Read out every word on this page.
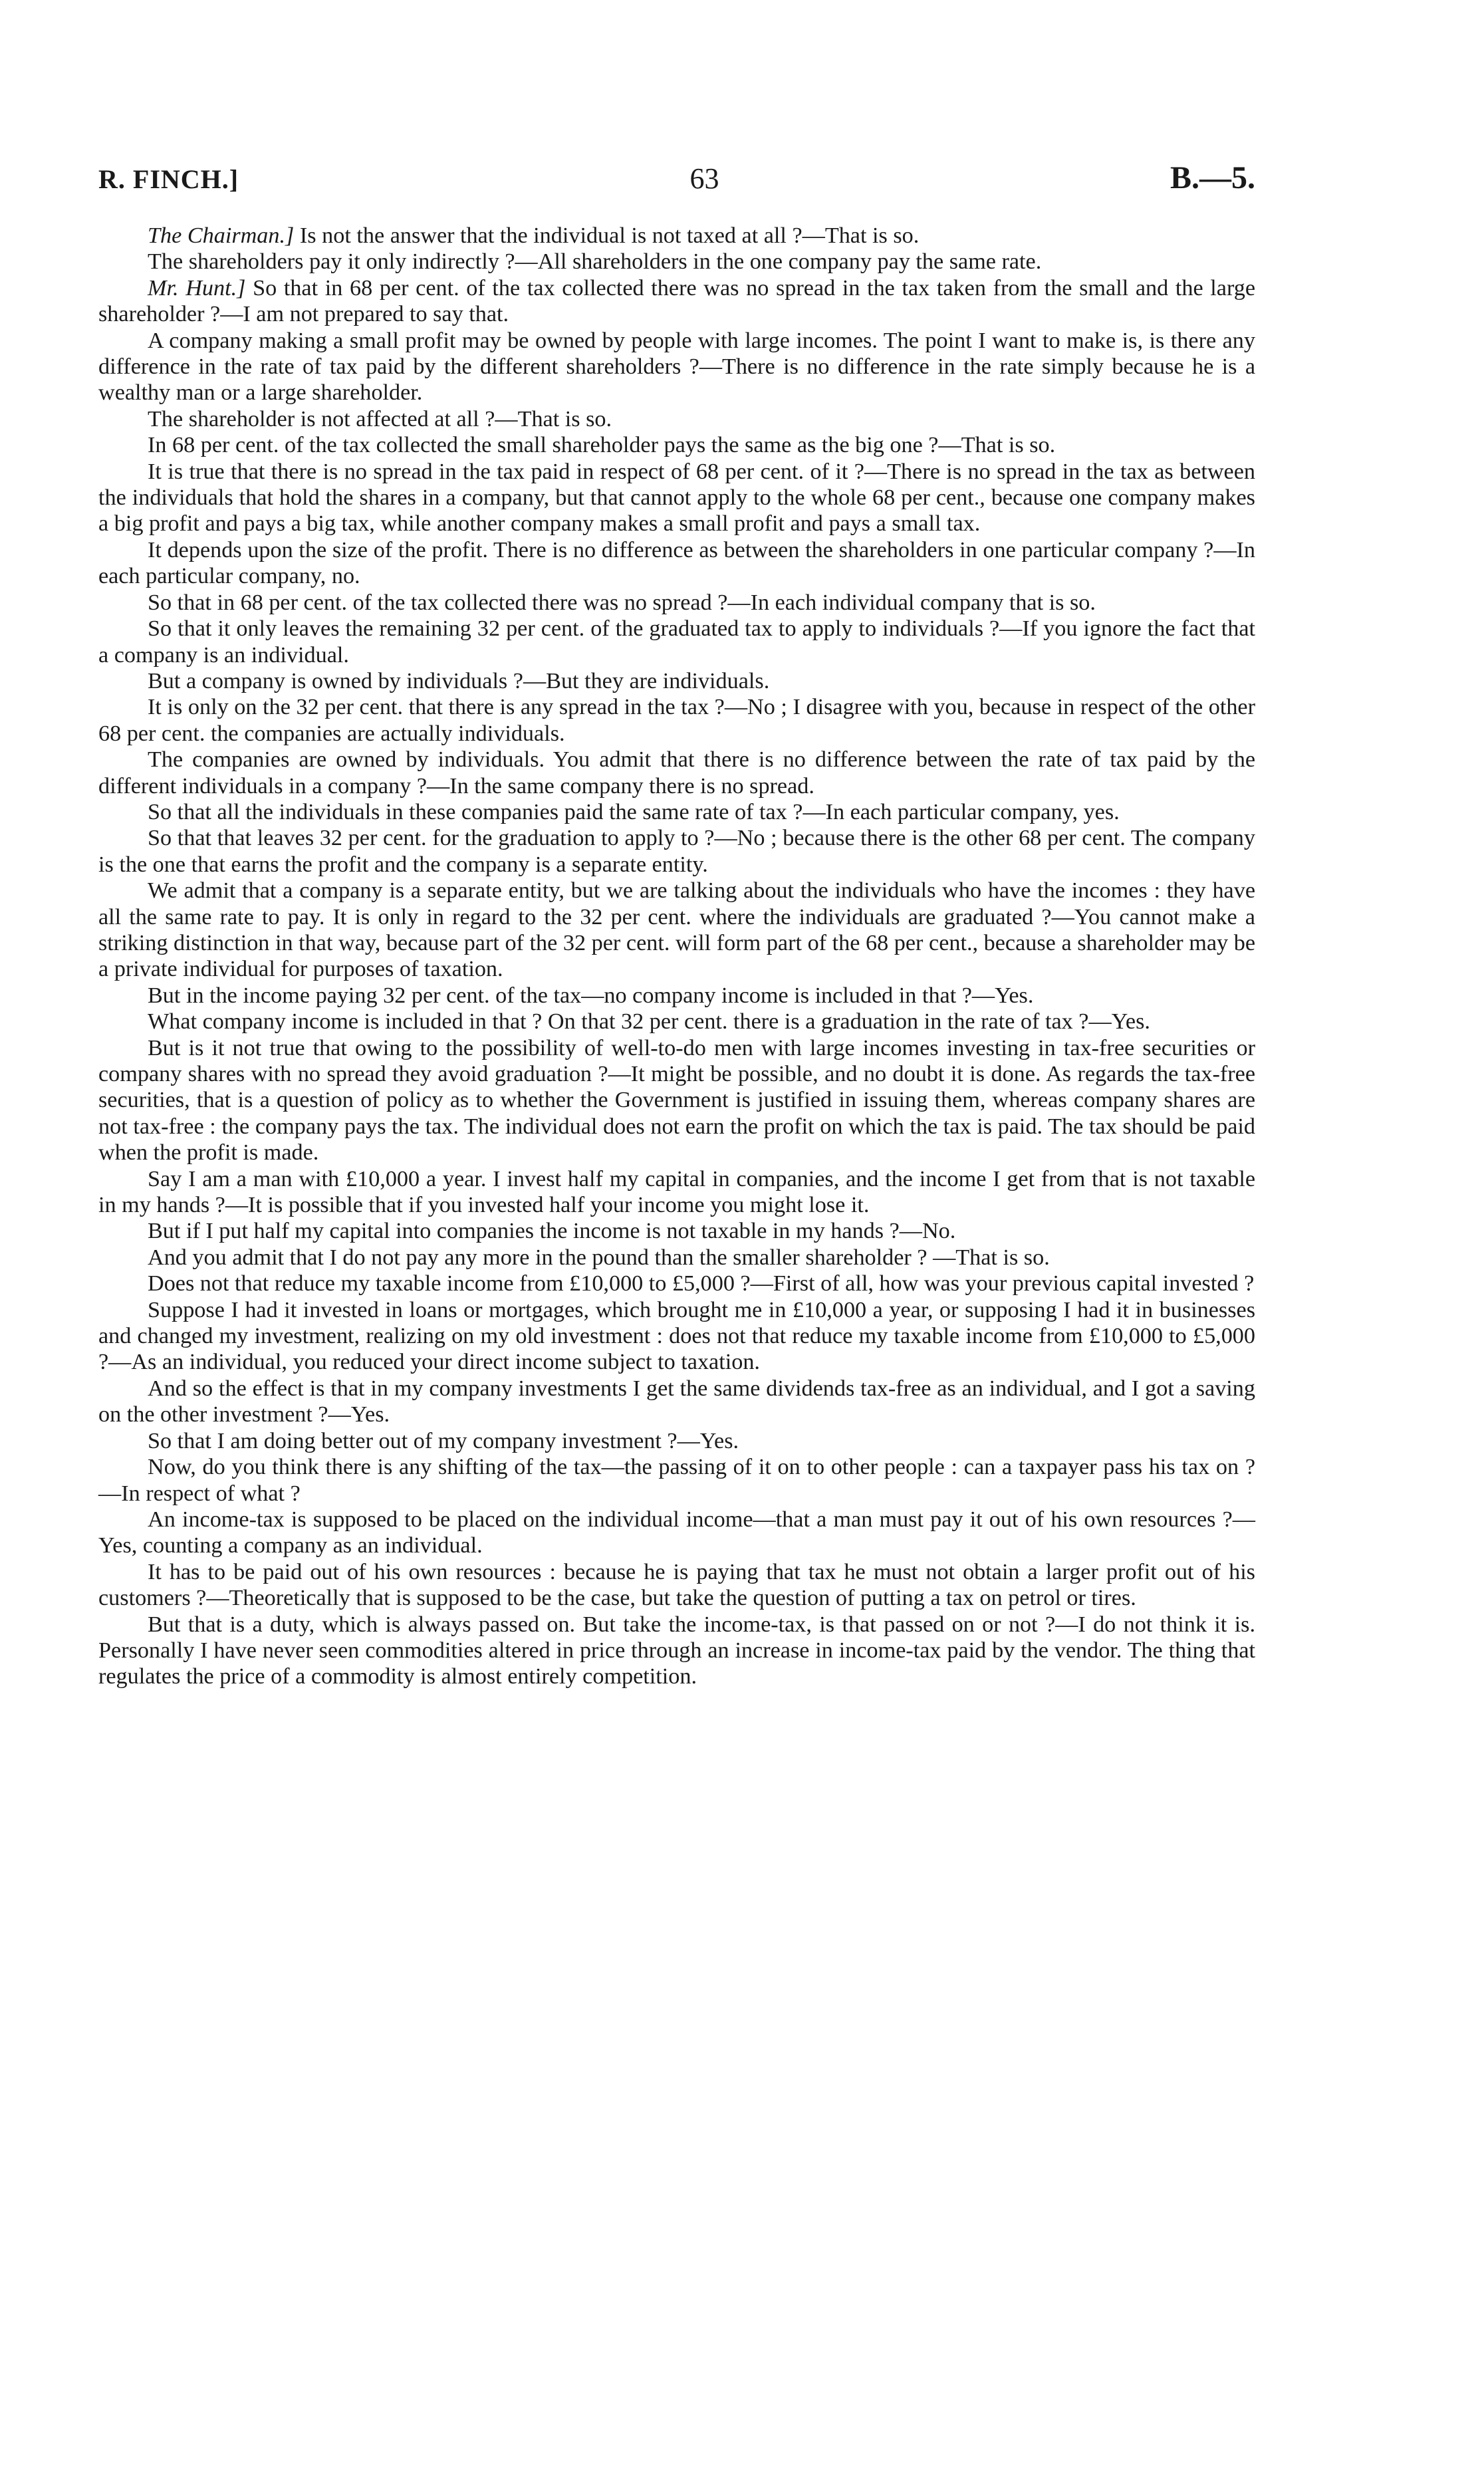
R. FINCH.]	63	B.—5.

The Chairman.] Is not the answer that the individual is not taxed at all ?—That is so.

The shareholders pay it only indirectly ?—All shareholders in the one company pay the same rate.

Mr. Hunt.] So that in 68 per cent. of the tax collected there was no spread in the tax taken from the small and the large shareholder ?—I am not prepared to say that.

A company making a small profit may be owned by people with large incomes. The point I want to make is, is there any difference in the rate of tax paid by the different shareholders ?—There is no difference in the rate simply because he is a wealthy man or a large shareholder.

The shareholder is not affected at all ?—That is so.

In 68 per cent. of the tax collected the small shareholder pays the same as the big one ?—That is so.

It is true that there is no spread in the tax paid in respect of 68 per cent. of it ?—There is no spread in the tax as between the individuals that hold the shares in a company, but that cannot apply to the whole 68 per cent., because one company makes a big profit and pays a big tax, while another company makes a small profit and pays a small tax.

It depends upon the size of the profit. There is no difference as between the shareholders in one particular company ?—In each particular company, no.

So that in 68 per cent. of the tax collected there was no spread ?—In each individual company that is so.

So that it only leaves the remaining 32 per cent. of the graduated tax to apply to individuals ?—If you ignore the fact that a company is an individual.

But a company is owned by individuals ?—But they are individuals.

It is only on the 32 per cent. that there is any spread in the tax ?—No ; I disagree with you, because in respect of the other 68 per cent. the companies are actually individuals.

The companies are owned by individuals. You admit that there is no difference between the rate of tax paid by the different individuals in a company ?—In the same company there is no spread.

So that all the individuals in these companies paid the same rate of tax ?—In each particular company, yes.

So that that leaves 32 per cent. for the graduation to apply to ?—No ; because there is the other 68 per cent. The company is the one that earns the profit and the company is a separate entity.

We admit that a company is a separate entity, but we are talking about the individuals who have the incomes : they have all the same rate to pay. It is only in regard to the 32 per cent. where the individuals are graduated ?—You cannot make a striking distinction in that way, because part of the 32 per cent. will form part of the 68 per cent., because a shareholder may be a private individual for purposes of taxation.

But in the income paying 32 per cent. of the tax—no company income is included in that ?—Yes.

What company income is included in that ? On that 32 per cent. there is a graduation in the rate of tax ?—Yes.

But is it not true that owing to the possibility of well-to-do men with large incomes investing in tax-free securities or company shares with no spread they avoid graduation ?—It might be possible, and no doubt it is done. As regards the tax-free securities, that is a question of policy as to whether the Government is justified in issuing them, whereas company shares are not tax-free : the company pays the tax. The individual does not earn the profit on which the tax is paid. The tax should be paid when the profit is made.

Say I am a man with £10,000 a year. I invest half my capital in companies, and the income I get from that is not taxable in my hands ?—It is possible that if you invested half your income you might lose it.

But if I put half my capital into companies the income is not taxable in my hands ?—No.

And you admit that I do not pay any more in the pound than the smaller shareholder ? —That is so.

Does not that reduce my taxable income from £10,000 to £5,000 ?—First of all, how was your previous capital invested ?

Suppose I had it invested in loans or mortgages, which brought me in £10,000 a year, or supposing I had it in businesses and changed my investment, realizing on my old investment : does not that reduce my taxable income from £10,000 to £5,000 ?—As an individual, you reduced your direct income subject to taxation.

And so the effect is that in my company investments I get the same dividends tax-free as an individual, and I got a saving on the other investment ?—Yes.

So that I am doing better out of my company investment ?—Yes.

Now, do you think there is any shifting of the tax—the passing of it on to other people : can a taxpayer pass his tax on ?—In respect of what ?

An income-tax is supposed to be placed on the individual income—that a man must pay it out of his own resources ?—Yes, counting a company as an individual.

It has to be paid out of his own resources : because he is paying that tax he must not obtain a larger profit out of his customers ?—Theoretically that is supposed to be the case, but take the question of putting a tax on petrol or tires.

But that is a duty, which is always passed on. But take the income-tax, is that passed on or not ?—I do not think it is. Personally I have never seen commodities altered in price through an increase in income-tax paid by the vendor. The thing that regulates the price of a commodity is almost entirely competition.
